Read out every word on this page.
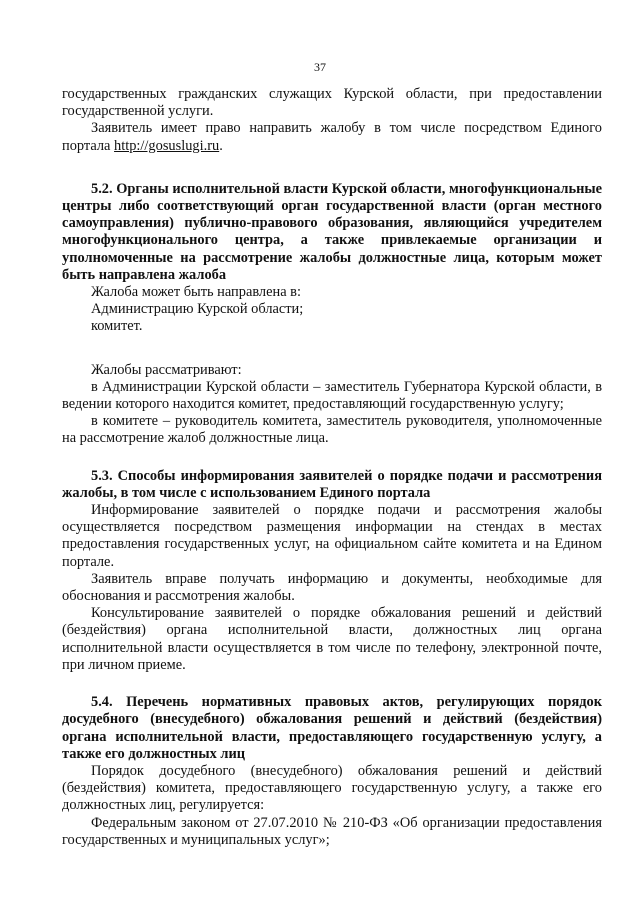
37

государственных гражданских служащих Курской области, при предоставлении государственной услуги.

Заявитель имеет право направить жалобу в том числе посредством Единого портала http://gosuslugi.ru.

5.2. Органы исполнительной власти Курской области, многофункциональные центры либо соответствующий орган государственной власти (орган местного самоуправления) публично-правового образования, являющийся учредителем многофункционального центра, а также привлекаемые организации и уполномоченные на рассмотрение жалобы должностные лица, которым может быть направлена жалоба

Жалоба может быть направлена в:

Администрацию Курской области;

комитет.

Жалобы рассматривают:

в Администрации Курской области – заместитель Губернатора Курской области, в ведении которого находится комитет, предоставляющий государственную услугу;

в комитете – руководитель комитета, заместитель руководителя, уполномоченные на рассмотрение жалоб должностные лица.

5.3. Способы информирования заявителей о порядке подачи и рассмотрения жалобы, в том числе с использованием Единого портала

Информирование заявителей о порядке подачи и рассмотрения жалобы осуществляется посредством размещения информации на стендах в местах предоставления государственных услуг, на официальном сайте комитета и на Едином портале.

Заявитель вправе получать информацию и документы, необходимые для обоснования и рассмотрения жалобы.

Консультирование заявителей о порядке обжалования решений и действий (бездействия) органа исполнительной власти, должностных лиц органа исполнительной власти осуществляется в том числе по телефону, электронной почте, при личном приеме.

5.4. Перечень нормативных правовых актов, регулирующих порядок досудебного (внесудебного) обжалования решений и действий (бездействия) органа исполнительной власти, предоставляющего государственную услугу, а также его должностных лиц

Порядок досудебного (внесудебного) обжалования решений и действий (бездействия) комитета, предоставляющего государственную услугу, а также его должностных лиц, регулируется:

Федеральным законом от 27.07.2010 № 210-ФЗ «Об организации предоставления государственных и муниципальных услуг»;
